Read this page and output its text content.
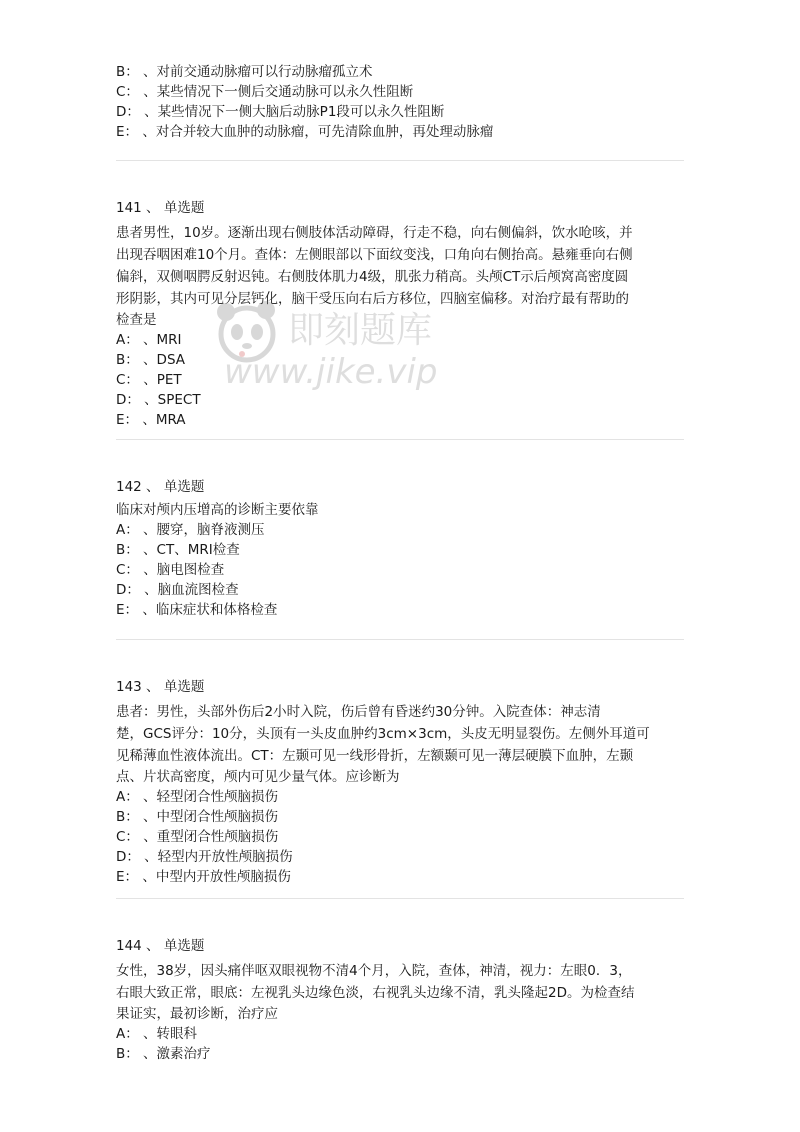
B： 、对前交通动脉瘤可以行动脉瘤孤立术
C： 、某些情况下一侧后交通动脉可以永久性阻断
D： 、某些情况下一侧大脑后动脉P1段可以永久性阻断
E： 、对合并较大血肿的动脉瘤，可先清除血肿，再处理动脉瘤
141 、 单选题
患者男性，10岁。逐渐出现右侧肢体活动障碍，行走不稳，向右侧偏斜，饮水呛咳，并
出现吞咽困难10个月。查体：左侧眼部以下面纹变浅，口角向右侧抬高。悬雍垂向右侧
偏斜，双侧咽腭反射迟钝。右侧肢体肌力4级，肌张力稍高。头颅CT示后颅窝高密度圆
形阴影，其内可见分层钙化，脑干受压向右后方移位，四脑室偏移。对治疗最有帮助的
检查是
A： 、MRI
B： 、DSA
C： 、PET
D： 、SPECT
E： 、MRA
142 、 单选题
临床对颅内压增高的诊断主要依靠
A： 、腰穿，脑脊液测压
B： 、CT、MRI检查
C： 、脑电图检查
D： 、脑血流图检查
E： 、临床症状和体格检查
143 、 单选题
患者：男性，头部外伤后2小时入院，伤后曾有昏迷约30分钟。入院查体：神志清
楚，GCS评分：10分，头顶有一头皮血肿约3cm×3cm，头皮无明显裂伤。左侧外耳道可
见稀薄血性液体流出。CT：左颞可见一线形骨折，左额颞可见一薄层硬膜下血肿，左颞
点、片状高密度，颅内可见少量气体。应诊断为
A： 、轻型闭合性颅脑损伤
B： 、中型闭合性颅脑损伤
C： 、重型闭合性颅脑损伤
D： 、轻型内开放性颅脑损伤
E： 、中型内开放性颅脑损伤
144 、 单选题
女性，38岁，因头痛伴呕双眼视物不清4个月，入院，查体，神清，视力：左眼0．3，
右眼大致正常，眼底：左视乳头边缘色淡，右视乳头边缘不清，乳头隆起2D。为检查结
果证实，最初诊断，治疗应
A： 、转眼科
B： 、激素治疗
即刻题库
www.jike.vip
